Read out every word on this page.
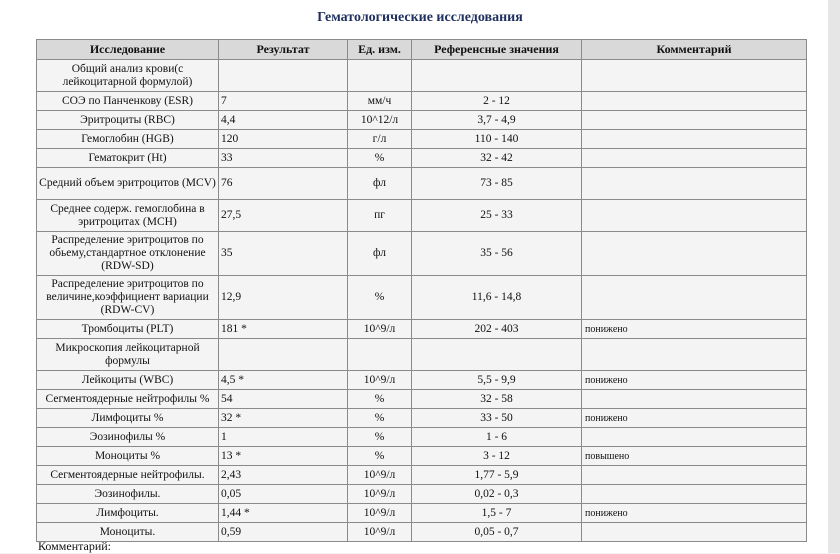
Гематологические исследования
Исследование	Результат	Ед. изм.	Референсные значения	Комментарий
Общий анализ крови(с лейкоцитарной формулой)				
СОЭ по Панченкову (ESR)	7	мм/ч	2 - 12	
Эритроциты (RBC)	4,4	10^12/л	3,7 - 4,9	
Гемоглобин (HGB)	120	г/л	110 - 140	
Гематокрит (Ht)	33	%	32 - 42	
Средний объем эритроцитов (MCV)	76	фл	73 - 85	
Среднее содерж. гемоглобина в эритроцитах (MCH)	27,5	пг	25 - 33	
Распределение эритроцитов по обьему,стандартное отклонение (RDW-SD)	35	фл	35 - 56	
Распределение эритроцитов по величине,коэффициент вариации (RDW-CV)	12,9	%	11,6 - 14,8	
Тромбоциты (PLT)	181 *	10^9/л	202 - 403	понижено
Микроскопия лейкоцитарной формулы				
Лейкоциты (WBC)	4,5 *	10^9/л	5,5 - 9,9	понижено
Сегментоядерные нейтрофилы %	54	%	32 - 58	
Лимфоциты %	32 *	%	33 - 50	понижено
Эозинофилы %	1	%	1 - 6	
Моноциты %	13 *	%	3 - 12	повышено
Сегментоядерные нейтрофилы.	2,43	10^9/л	1,77 - 5,9	
Эозинофилы.	0,05	10^9/л	0,02 - 0,3	
Лимфоциты.	1,44 *	10^9/л	1,5 - 7	понижено
Моноциты.	0,59	10^9/л	0,05 - 0,7	
Комментарий:
